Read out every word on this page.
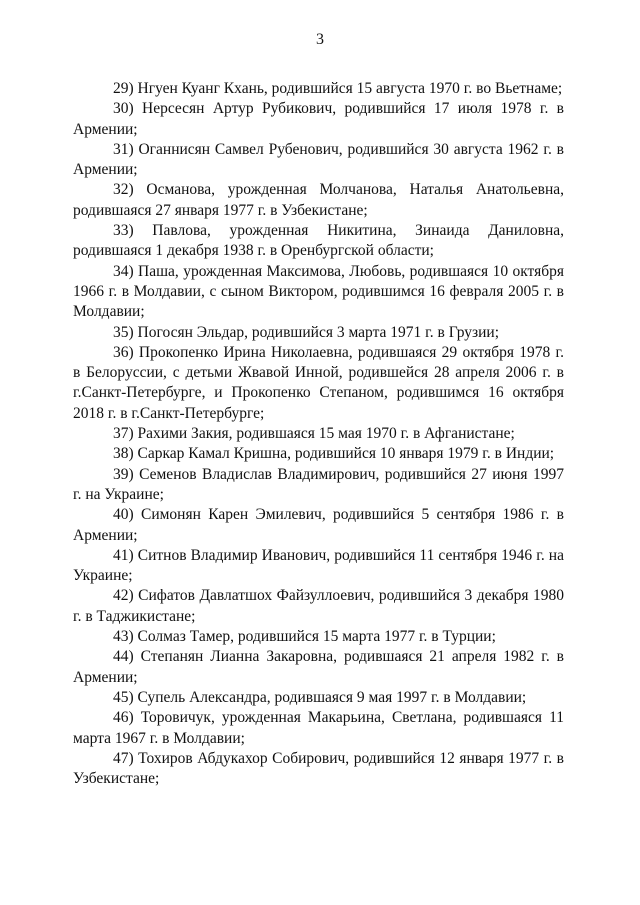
3

29) Нгуен Куанг Кхань, родившийся 15 августа 1970 г. во Вьетнаме;

30) Нерсесян Артур Рубикович, родившийся 17 июля 1978 г. в Армении;

31) Оганнисян Самвел Рубенович, родившийся 30 августа 1962 г. в Армении;

32) Османова, урожденная Молчанова, Наталья Анатольевна, родившаяся 27 января 1977 г. в Узбекистане;

33) Павлова, урожденная Никитина, Зинаида Даниловна, родившаяся 1 декабря 1938 г. в Оренбургской области;

34) Паша, урожденная Максимова, Любовь, родившаяся 10 октября 1966 г. в Молдавии, с сыном Виктором, родившимся 16 февраля 2005 г. в Молдавии;

35) Погосян Эльдар, родившийся 3 марта 1971 г. в Грузии;

36) Прокопенко Ирина Николаевна, родившаяся 29 октября 1978 г. в Белоруссии, с детьми Жвавой Инной, родившейся 28 апреля 2006 г. в г.Санкт-Петербурге, и Прокопенко Степаном, родившимся 16 октября 2018 г. в г.Санкт-Петербурге;

37) Рахими Закия, родившаяся 15 мая 1970 г. в Афганистане;

38) Саркар Камал Кришна, родившийся 10 января 1979 г. в Индии;

39) Семенов Владислав Владимирович, родившийся 27 июня 1997 г. на Украине;

40) Симонян Карен Эмилевич, родившийся 5 сентября 1986 г. в Армении;

41) Ситнов Владимир Иванович, родившийся 11 сентября 1946 г. на Украине;

42) Сифатов Давлатшох Файзуллоевич, родившийся 3 декабря 1980 г. в Таджикистане;

43) Солмаз Тамер, родившийся 15 марта 1977 г. в Турции;

44) Степанян Лианна Закаровна, родившаяся 21 апреля 1982 г. в Армении;

45) Супель Александра, родившаяся 9 мая 1997 г. в Молдавии;

46) Торовичук, урожденная Макарьина, Светлана, родившаяся 11 марта 1967 г. в Молдавии;

47) Тохиров Абдукахор Собирович, родившийся 12 января 1977 г. в Узбекистане;
